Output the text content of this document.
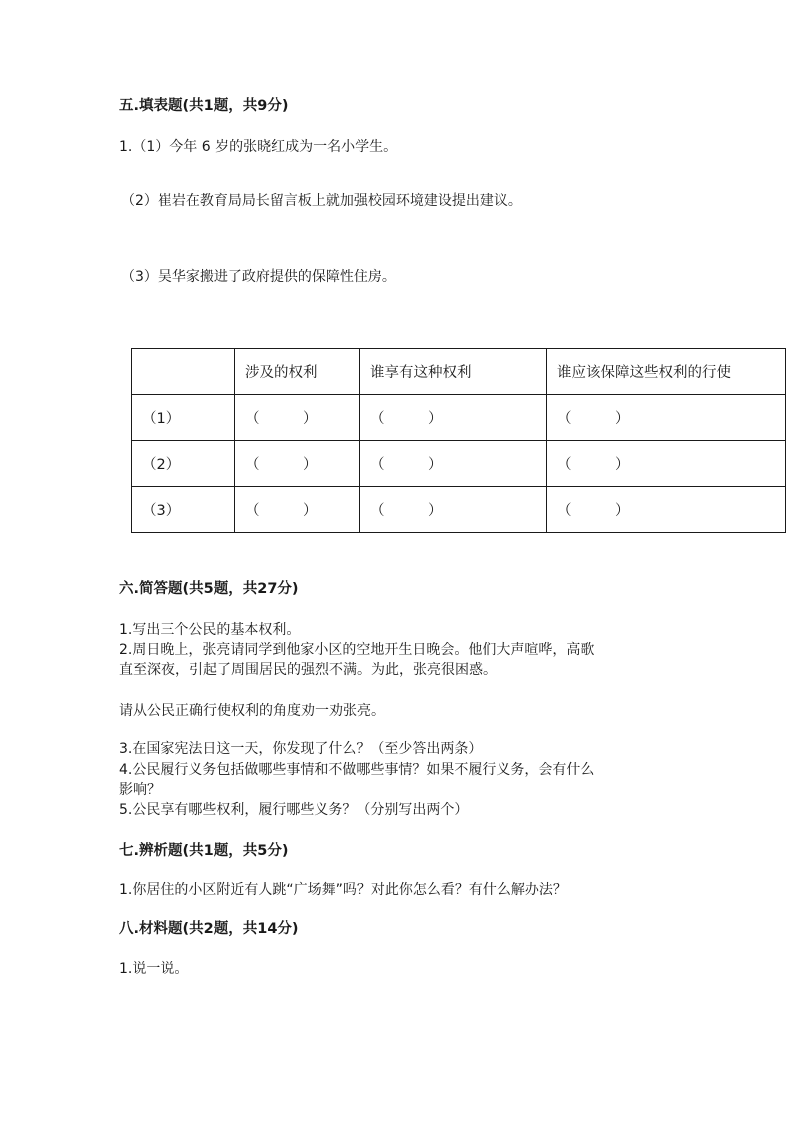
五.填表题(共1题，共9分)
1.（1）今年 6 岁的张晓红成为一名小学生。
（2）崔岩在教育局局长留言板上就加强校园环境建设提出建议。
（3）吴华家搬进了政府提供的保障性住房。
	涉及的权利	谁享有这种权利	谁应该保障这些权利的行使
（1）	（　　　）	（　　　）	（　　　）
（2）	（　　　）	（　　　）	（　　　）
（3）	（　　　）	（　　　）	（　　　）
六.简答题(共5题，共27分)
1.写出三个公民的基本权利。
2.周日晚上，张亮请同学到他家小区的空地开生日晚会。他们大声喧哗，高歌
直至深夜，引起了周围居民的强烈不满。为此，张亮很困惑。
请从公民正确行使权利的角度劝一劝张亮。
3.在国家宪法日这一天，你发现了什么？（至少答出两条）
4.公民履行义务包括做哪些事情和不做哪些事情？如果不履行义务，会有什么
影响？
5.公民享有哪些权利，履行哪些义务？（分别写出两个）
七.辨析题(共1题，共5分)
1.你居住的小区附近有人跳“广场舞”吗？对此你怎么看？有什么解办法？
八.材料题(共2题，共14分)
1.说一说。
